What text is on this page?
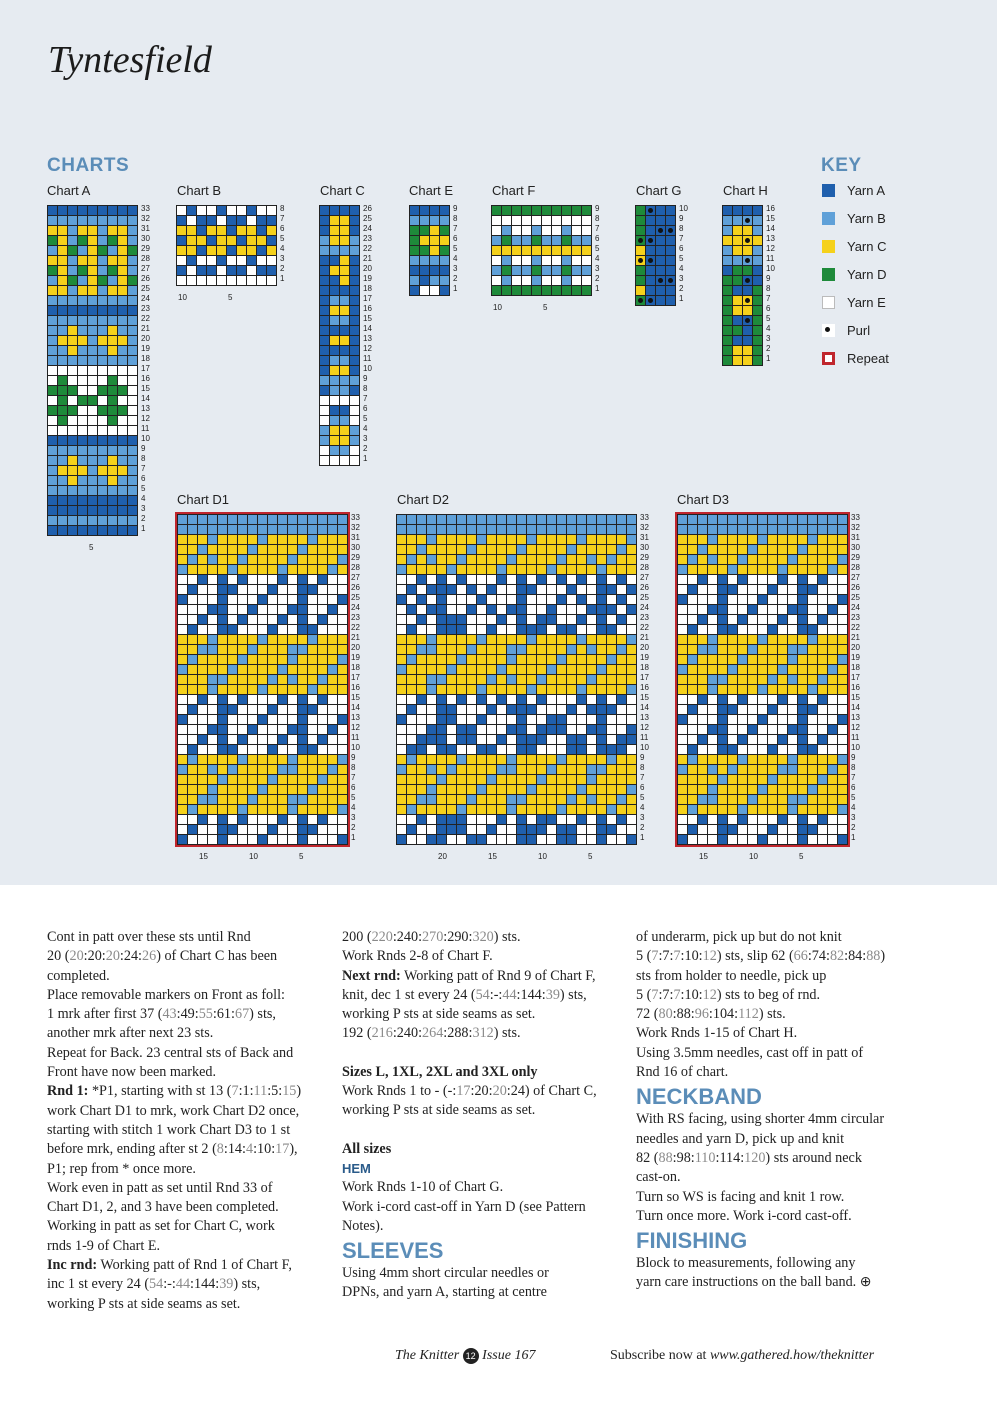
Tyntesfield
CHARTS	KEY
Chart A
33
32
31
30
29
28
27
26
25
24
23
22
21
20
19
18
17
16
15
14
13
12
11
10
9
8
7
6
5
4
3
2
1
5
Chart B
8
7
6
5
4
3
2
1
10	5
Chart C
26
25
24
23
22
21
20
19
18
17
16
15
14
13
12
11
10
9
8
7
6
5
4
3
2
1
Chart E
9
8
7
6
5
4
3
2
1
Chart F
9
8
7
6
5
4
3
2
1
10	5
Chart G
10
9
8
7
6
5
4
3
2
1
Chart H
16
15
14
13
12
11
10
9
8
7
6
5
4
3
2
1
Chart D1
33
32
31
30
29
28
27
26
25
24
23
22
21
20
19
18
17
16
15
14
13
12
11
10
9
8
7
6
5
4
3
2
1
15	10	5
Chart D2
33
32
31
30
29
28
27
26
25
24
23
22
21
20
19
18
17
16
15
14
13
12
11
10
9
8
7
6
5
4
3
2
1
20	15	10	5
Chart D3
33
32
31
30
29
28
27
26
25
24
23
22
21
20
19
18
17
16
15
14
13
12
11
10
9
8
7
6
5
4
3
2
1
15	10	5
Yarn A
Yarn B
Yarn C
Yarn D
Yarn E
Purl
Repeat

Cont in patt over these sts until Rnd

20 (20:20:20:24:26) of Chart C has been

completed.

Place removable markers on Front as foll:

1 mrk after first 37 (43:49:55:61:67) sts,

another mrk after next 23 sts.

Repeat for Back. 23 central sts of Back and

Front have now been marked.

Rnd 1: *P1, starting with st 13 (7:1:11:5:15)

work Chart D1 to mrk, work Chart D2 once,

starting with stitch 1 work Chart D3 to 1 st

before mrk, ending after st 2 (8:14:4:10:17),

P1; rep from * once more.

Work even in patt as set until Rnd 33 of

Chart D1, 2, and 3 have been completed.

Working in patt as set for Chart C, work

rnds 1-9 of Chart E.

Inc rnd: Working patt of Rnd 1 of Chart F,

inc 1 st every 24 (54:-:44:144:39) sts,

working P sts at side seams as set.

200 (220:240:270:290:320) sts.

Work Rnds 2-8 of Chart F.

Next rnd: Working patt of Rnd 9 of Chart F,

knit, dec 1 st every 24 (54:-:44:144:39) sts,

working P sts at side seams as set.

192 (216:240:264:288:312) sts.

Sizes L, 1XL, 2XL and 3XL only

Work Rnds 1 to - (-:17:20:20:24) of Chart C,

working P sts at side seams as set.

All sizes

HEM

Work Rnds 1-10 of Chart G.

Work i-cord cast-off in Yarn D (see Pattern

Notes).

SLEEVES

Using 4mm short circular needles or

DPNs, and yarn A, starting at centre

of underarm, pick up but do not knit

5 (7:7:7:10:12) sts, slip 62 (66:74:82:84:88)

sts from holder to needle, pick up

5 (7:7:7:10:12) sts to beg of rnd.

72 (80:88:96:104:112) sts.

Work Rnds 1-15 of Chart H.

Using 3.5mm needles, cast off in patt of

Rnd 16 of chart.

NECKBAND

With RS facing, using shorter 4mm circular

needles and yarn D, pick up and knit

82 (88:98:110:114:120) sts around neck

cast-on.

Turn so WS is facing and knit 1 row.

Turn once more. Work i-cord cast-off.

FINISHING

Block to measurements, following any

yarn care instructions on the ball band. ⊕

The Knitter 12 Issue 167	Subscribe now at www.gathered.how/theknitter
